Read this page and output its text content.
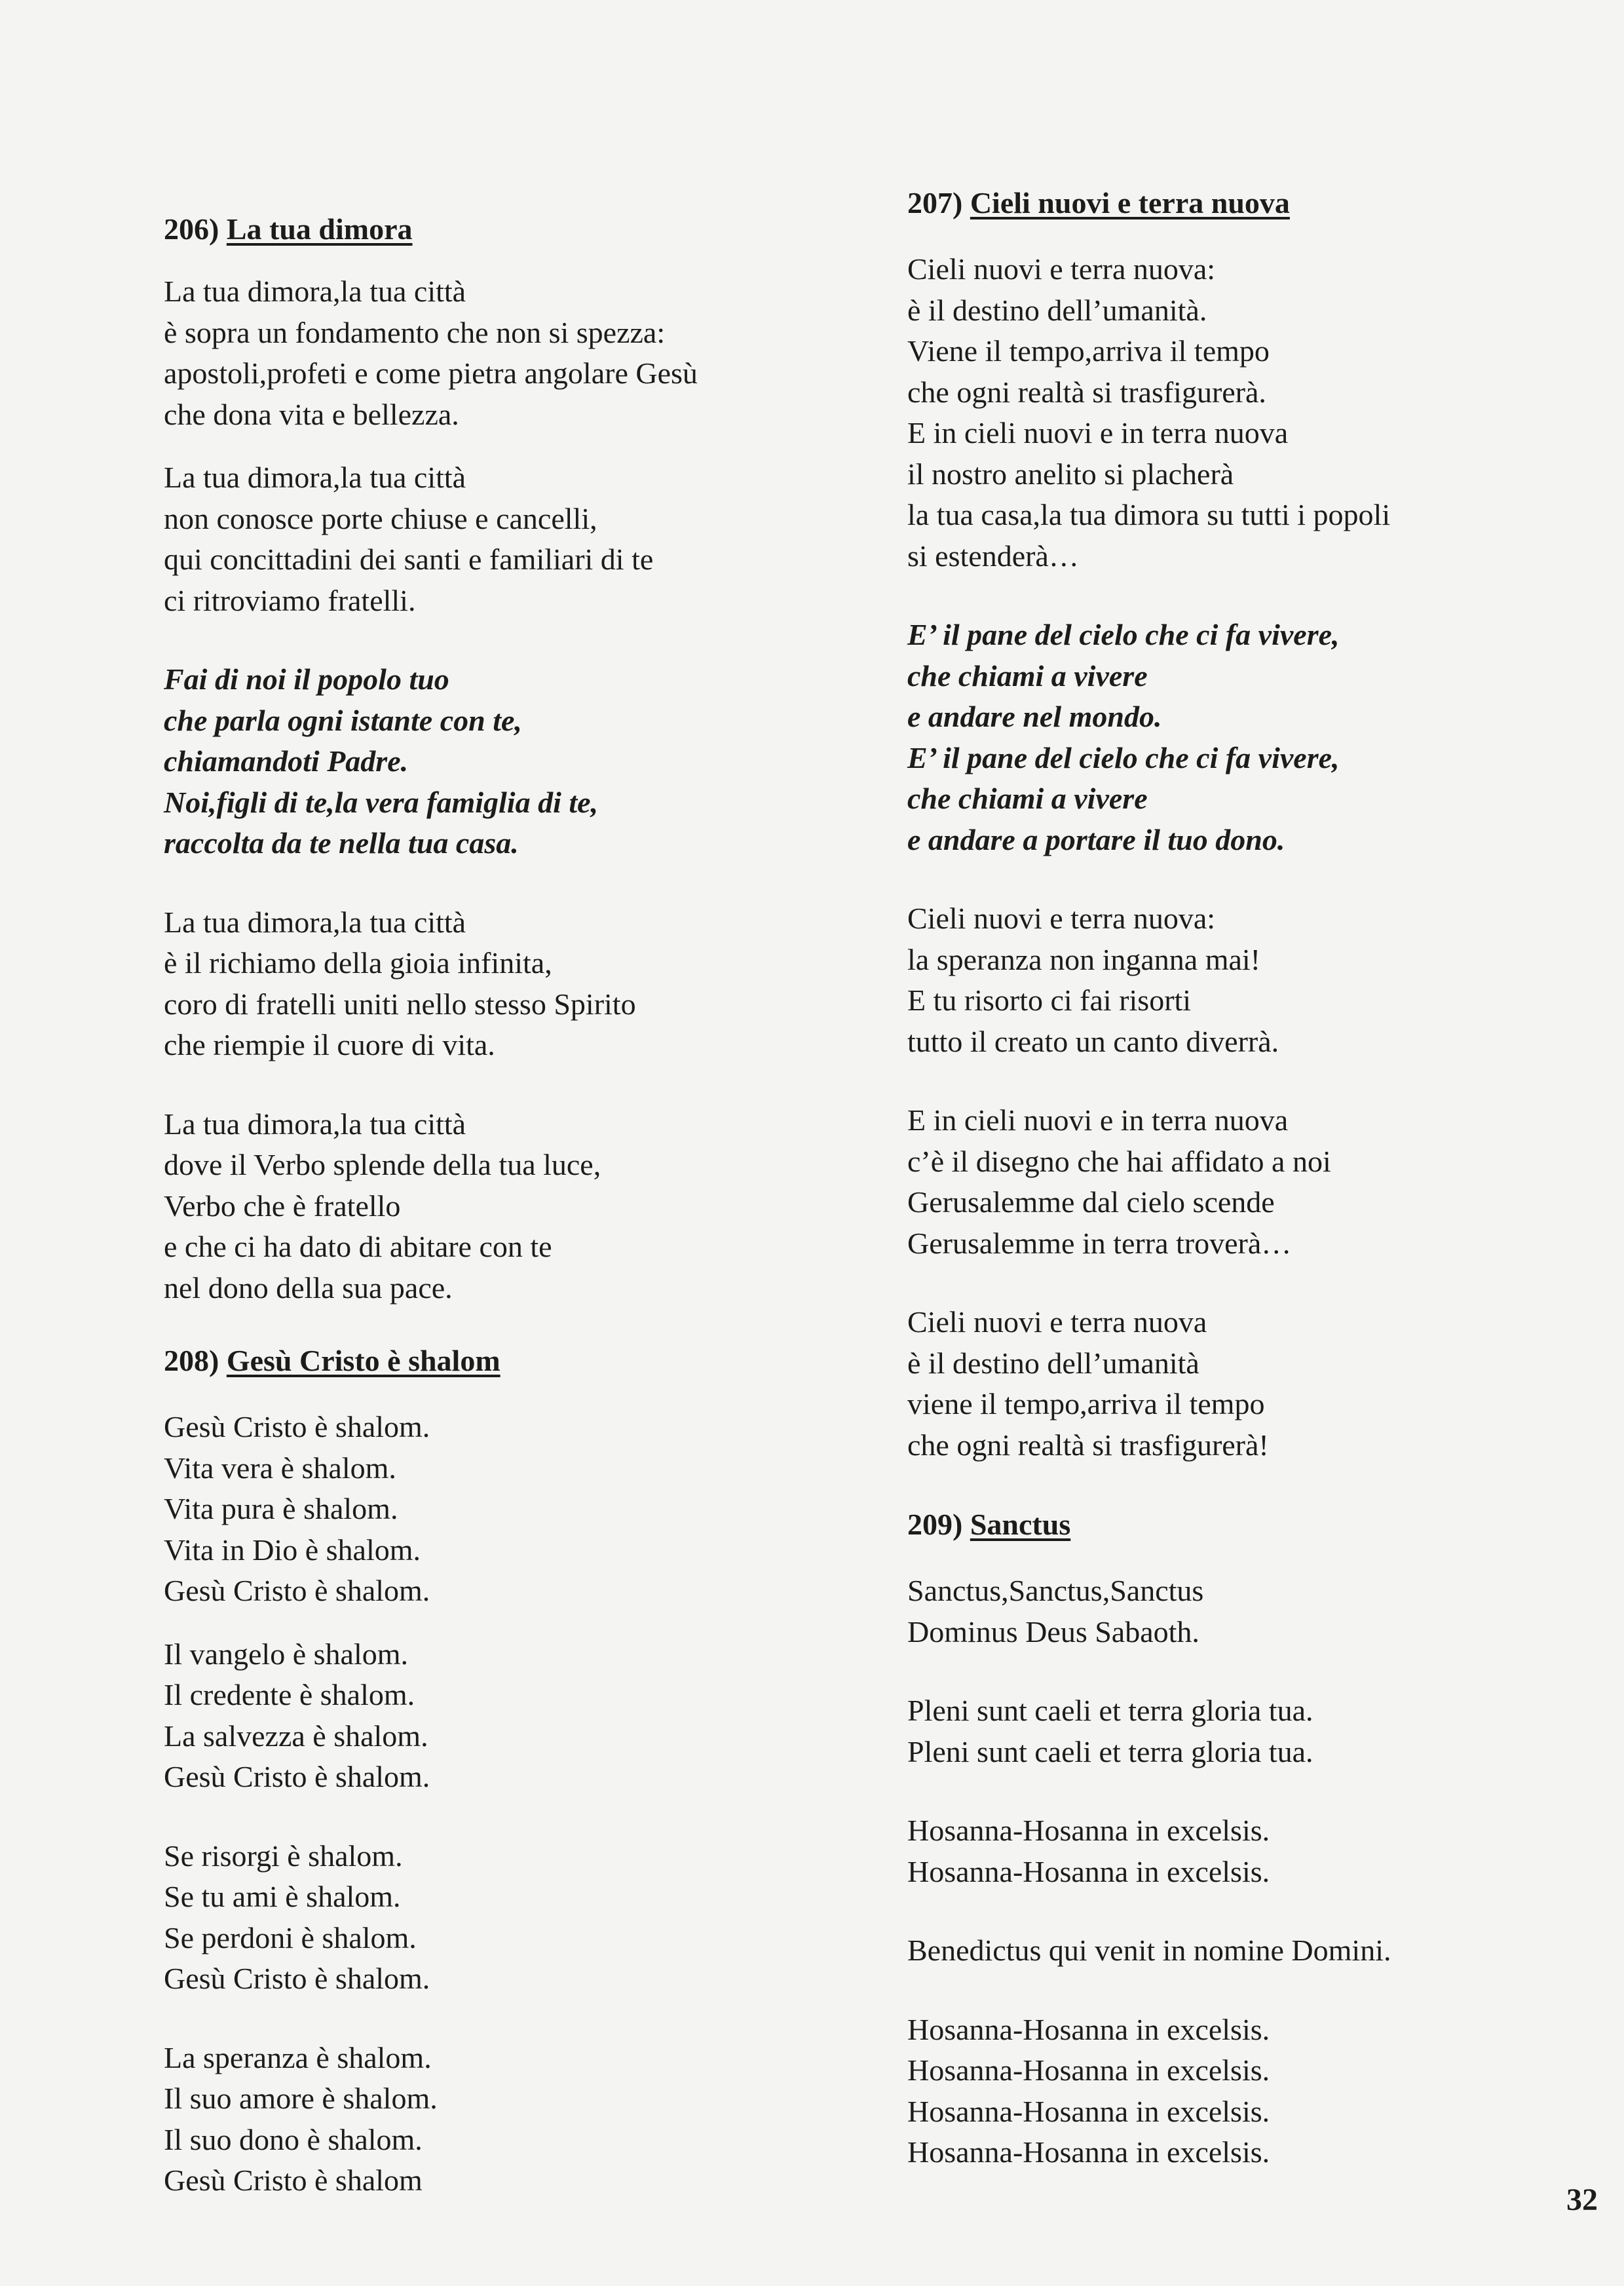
206) La tua dimora

La tua dimora,la tua città
è sopra un fondamento che non si spezza:
apostoli,profeti e come pietra angolare Gesù
che dona vita e bellezza.
La tua dimora,la tua città
non conosce porte chiuse e cancelli,
qui concittadini dei santi e familiari di te
ci ritroviamo fratelli.
Fai di noi il popolo tuo
che parla ogni istante con te,
chiamandoti Padre.
Noi,figli di te,la vera famiglia di te,
raccolta da te nella tua casa.
La tua dimora,la tua città
è il richiamo della gioia infinita,
coro di fratelli uniti nello stesso Spirito
che riempie il cuore di vita.
La tua dimora,la tua città
dove il Verbo splende della tua luce,
Verbo che è fratello
e che ci ha dato di abitare con te
nel dono della sua pace.

208) Gesù Cristo è shalom

Gesù Cristo è shalom.
Vita vera è shalom.
Vita pura è shalom.
Vita in Dio è shalom.
Gesù Cristo è shalom.
Il vangelo è shalom.
Il credente è shalom.
La salvezza è shalom.
Gesù Cristo è shalom.
Se risorgi è shalom.
Se tu ami è shalom.
Se perdoni è shalom.
Gesù Cristo è shalom.
La speranza è shalom.
Il suo amore è shalom.
Il suo dono è shalom.
Gesù Cristo è shalom

207) Cieli nuovi e terra nuova

Cieli nuovi e terra nuova:
è il destino dell’umanità.
Viene il tempo,arriva il tempo
che ogni realtà si trasfigurerà.
E in cieli nuovi e in terra nuova
il nostro anelito si placherà
la tua casa,la tua dimora su tutti i popoli
si estenderà…
E’ il pane del cielo che ci fa vivere,
che chiami a vivere
e andare nel mondo.
E’ il pane del cielo che ci fa vivere,
che chiami a vivere
e andare a portare il tuo dono.
Cieli nuovi e terra nuova:
la speranza non inganna mai!
E tu risorto ci fai risorti
tutto il creato un canto diverrà.
E in cieli nuovi e in terra nuova
c’è il disegno che hai affidato a noi
Gerusalemme dal cielo scende
Gerusalemme in terra troverà…
Cieli nuovi e terra nuova
è il destino dell’umanità
viene il tempo,arriva il tempo
che ogni realtà si trasfigurerà!

209) Sanctus

Sanctus,Sanctus,Sanctus
Dominus Deus Sabaoth.
Pleni sunt caeli et terra gloria tua.
Pleni sunt caeli et terra gloria tua.
Hosanna-Hosanna in excelsis.
Hosanna-Hosanna in excelsis.
Benedictus qui venit in nomine Domini.
Hosanna-Hosanna in excelsis.
Hosanna-Hosanna in excelsis.
Hosanna-Hosanna in excelsis.
Hosanna-Hosanna in excelsis.
32
